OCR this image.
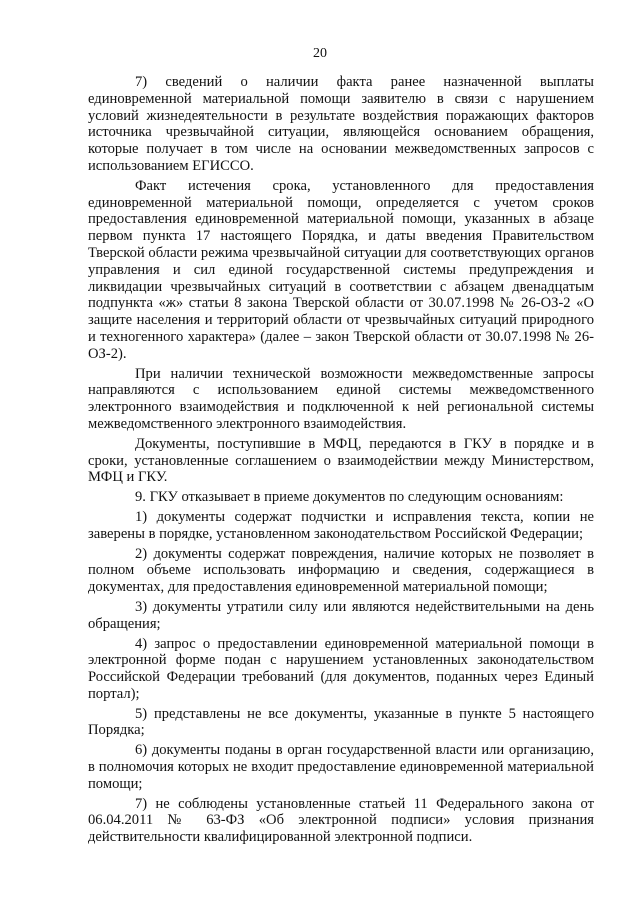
20

7) сведений о наличии факта ранее назначенной выплаты единовременной материальной помощи заявителю в связи с нарушением условий жизнедеятельности в результате воздействия поражающих факторов источника чрезвычайной ситуации, являющейся основанием обращения, которые получает в том числе на основании межведомственных запросов с использованием ЕГИССО.

Факт истечения срока, установленного для предоставления единовременной материальной помощи, определяется с учетом сроков предоставления единовременной материальной помощи, указанных в абзаце первом пункта 17 настоящего Порядка, и даты введения Правительством Тверской области режима чрезвычайной ситуации для соответствующих органов управления и сил единой государственной системы предупреждения и ликвидации чрезвычайных ситуаций в соответствии с абзацем двенадцатым подпункта «ж» статьи 8 закона Тверской области от 30.07.1998 № 26-ОЗ-2 «О защите населения и территорий области от чрезвычайных ситуаций природного и техногенного характера» (далее – закон Тверской области от 30.07.1998 № 26-ОЗ-2).

При наличии технической возможности межведомственные запросы направляются с использованием единой системы межведомственного электронного взаимодействия и подключенной к ней региональной системы межведомственного электронного взаимодействия.

Документы, поступившие в МФЦ, передаются в ГКУ в порядке и в сроки, установленные соглашением о взаимодействии между Министерством, МФЦ и ГКУ.

9. ГКУ отказывает в приеме документов по следующим основаниям:

1) документы содержат подчистки и исправления текста, копии не заверены в порядке, установленном законодательством Российской Федерации;

2) документы содержат повреждения, наличие которых не позволяет в полном объеме использовать информацию и сведения, содержащиеся в документах, для предоставления единовременной материальной помощи;

3) документы утратили силу или являются недействительными на день обращения;

4) запрос о предоставлении единовременной материальной помощи в электронной форме подан с нарушением установленных законодательством Российской Федерации требований (для документов, поданных через Единый портал);

5) представлены не все документы, указанные в пункте 5 настоящего Порядка;

6) документы поданы в орган государственной власти или организацию, в полномочия которых не входит предоставление единовременной материальной помощи;

7) не соблюдены установленные статьей 11 Федерального закона от 06.04.2011 № 63-ФЗ «Об электронной подписи» условия признания действительности квалифицированной электронной подписи.
